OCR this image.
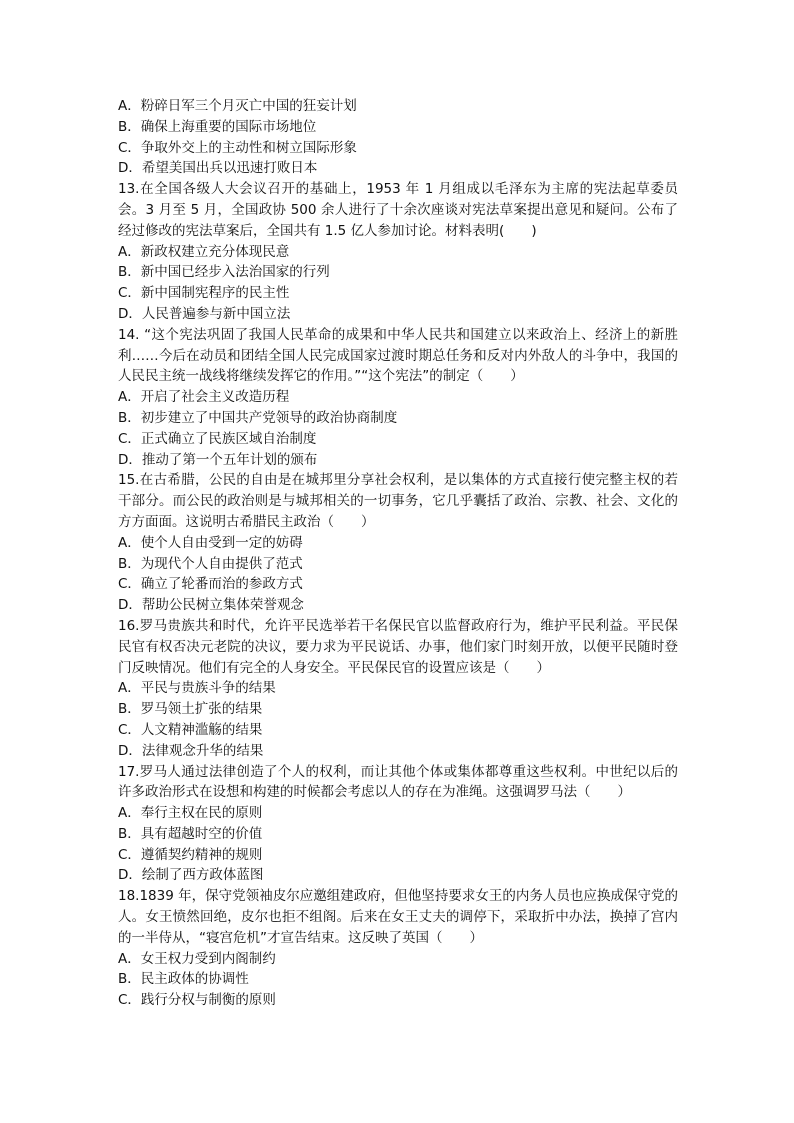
A．粉碎日军三个月灭亡中国的狂妄计划

B．确保上海重要的国际市场地位

C．争取外交上的主动性和树立国际形象

D．希望美国出兵以迅速打败日本

13.在全国各级人大会议召开的基础上，1953 年 1 月组成以毛泽东为主席的宪法起草委员会。3 月至 5 月，全国政协 500 余人进行了十余次座谈对宪法草案提出意见和疑问。公布了经过修改的宪法草案后，全国共有 1.5 亿人参加讨论。材料表明(　　)

A．新政权建立充分体现民意

B．新中国已经步入法治国家的行列

C．新中国制宪程序的民主性

D．人民普遍参与新中国立法

14. “这个宪法巩固了我国人民革命的成果和中华人民共和国建立以来政治上、经济上的新胜利……今后在动员和团结全国人民完成国家过渡时期总任务和反对内外敌人的斗争中，我国的人民民主统一战线将继续发挥它的作用。”“这个宪法”的制定（　　）

A．开启了社会主义改造历程

B．初步建立了中国共产党领导的政治协商制度

C．正式确立了民族区域自治制度

D．推动了第一个五年计划的颁布

15.在古希腊，公民的自由是在城邦里分享社会权利，是以集体的方式直接行使完整主权的若干部分。而公民的政治则是与城邦相关的一切事务，它几乎囊括了政治、宗教、社会、文化的方方面面。这说明古希腊民主政治（　　）

A．使个人自由受到一定的妨碍

B．为现代个人自由提供了范式

C．确立了轮番而治的参政方式

D．帮助公民树立集体荣誉观念

16.罗马贵族共和时代，允许平民选举若干名保民官以监督政府行为，维护平民利益。平民保民官有权否决元老院的决议，要力求为平民说话、办事，他们家门时刻开放，以便平民随时登门反映情况。他们有完全的人身安全。平民保民官的设置应该是（　　）

A．平民与贵族斗争的结果

B．罗马领土扩张的结果

C．人文精神滥觞的结果

D．法律观念升华的结果

17.罗马人通过法律创造了个人的权利，而让其他个体或集体都尊重这些权利。中世纪以后的许多政治形式在设想和构建的时候都会考虑以人的存在为准绳。这强调罗马法（　　）

A．奉行主权在民的原则

B．具有超越时空的价值

C．遵循契约精神的规则

D．绘制了西方政体蓝图

18.1839 年，保守党领袖皮尔应邀组建政府，但他坚持要求女王的内务人员也应换成保守党的人。女王愤然回绝，皮尔也拒不组阁。后来在女王丈夫的调停下，采取折中办法，换掉了宫内的一半侍从，“寝宫危机”才宣告结束。这反映了英国（　　）

A．女王权力受到内阁制约

B．民主政体的协调性

C．践行分权与制衡的原则
